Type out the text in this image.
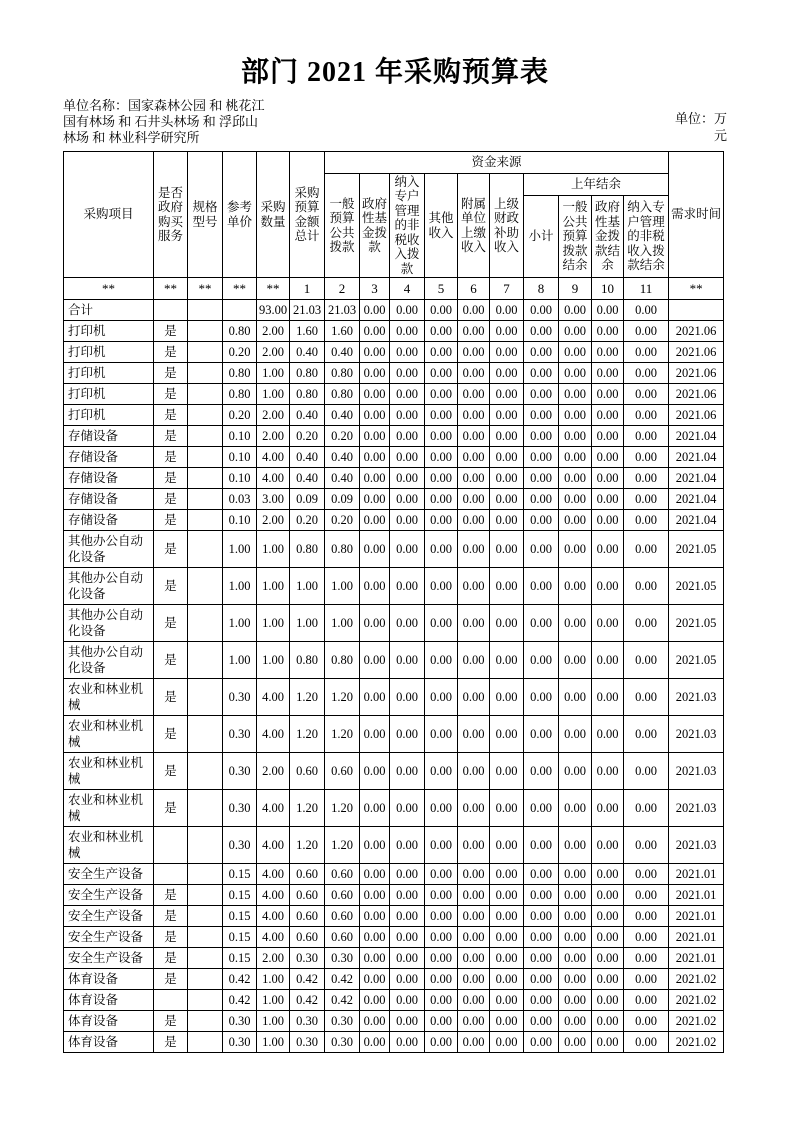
部门 2021 年采购预算表
单位名称：国家森林公园 和 桃花江国有林场 和 石井头林场 和 浮邱山林场 和 林业科学研究所
单位：万元
采购项目	是否政府购买服务	规格型号	参考单价	采购数量	采购预算金额总计	资金来源										需求时间
						一般预算公共拨款	政府性基金拨款	纳入专户管理的非税收入拨款	其他收入	附属单位上缴收入	上级财政补助收入	上年结余				
												小计	一般公共预算拨款结余	政府性基金拨款结余	纳入专户管理的非税收入拨款结余	
**	**	**	**	**	1	2	3	4	5	6	7	8	9	10	11	**
合计				93.00	21.03	21.03	0.00	0.00	0.00	0.00	0.00	0.00	0.00	0.00	0.00	
打印机	是		0.80	2.00	1.60	1.60	0.00	0.00	0.00	0.00	0.00	0.00	0.00	0.00	0.00	2021.06
打印机	是		0.20	2.00	0.40	0.40	0.00	0.00	0.00	0.00	0.00	0.00	0.00	0.00	0.00	2021.06
打印机	是		0.80	1.00	0.80	0.80	0.00	0.00	0.00	0.00	0.00	0.00	0.00	0.00	0.00	2021.06
打印机	是		0.80	1.00	0.80	0.80	0.00	0.00	0.00	0.00	0.00	0.00	0.00	0.00	0.00	2021.06
打印机	是		0.20	2.00	0.40	0.40	0.00	0.00	0.00	0.00	0.00	0.00	0.00	0.00	0.00	2021.06
存储设备	是		0.10	2.00	0.20	0.20	0.00	0.00	0.00	0.00	0.00	0.00	0.00	0.00	0.00	2021.04
存储设备	是		0.10	4.00	0.40	0.40	0.00	0.00	0.00	0.00	0.00	0.00	0.00	0.00	0.00	2021.04
存储设备	是		0.10	4.00	0.40	0.40	0.00	0.00	0.00	0.00	0.00	0.00	0.00	0.00	0.00	2021.04
存储设备	是		0.03	3.00	0.09	0.09	0.00	0.00	0.00	0.00	0.00	0.00	0.00	0.00	0.00	2021.04
存储设备	是		0.10	2.00	0.20	0.20	0.00	0.00	0.00	0.00	0.00	0.00	0.00	0.00	0.00	2021.04
其他办公自动化设备	是		1.00	1.00	0.80	0.80	0.00	0.00	0.00	0.00	0.00	0.00	0.00	0.00	0.00	2021.05
其他办公自动化设备	是		1.00	1.00	1.00	1.00	0.00	0.00	0.00	0.00	0.00	0.00	0.00	0.00	0.00	2021.05
其他办公自动化设备	是		1.00	1.00	1.00	1.00	0.00	0.00	0.00	0.00	0.00	0.00	0.00	0.00	0.00	2021.05
其他办公自动化设备	是		1.00	1.00	0.80	0.80	0.00	0.00	0.00	0.00	0.00	0.00	0.00	0.00	0.00	2021.05
农业和林业机械	是		0.30	4.00	1.20	1.20	0.00	0.00	0.00	0.00	0.00	0.00	0.00	0.00	0.00	2021.03
农业和林业机械	是		0.30	4.00	1.20	1.20	0.00	0.00	0.00	0.00	0.00	0.00	0.00	0.00	0.00	2021.03
农业和林业机械	是		0.30	2.00	0.60	0.60	0.00	0.00	0.00	0.00	0.00	0.00	0.00	0.00	0.00	2021.03
农业和林业机械	是		0.30	4.00	1.20	1.20	0.00	0.00	0.00	0.00	0.00	0.00	0.00	0.00	0.00	2021.03
农业和林业机械			0.30	4.00	1.20	1.20	0.00	0.00	0.00	0.00	0.00	0.00	0.00	0.00	0.00	2021.03
安全生产设备			0.15	4.00	0.60	0.60	0.00	0.00	0.00	0.00	0.00	0.00	0.00	0.00	0.00	2021.01
安全生产设备	是		0.15	4.00	0.60	0.60	0.00	0.00	0.00	0.00	0.00	0.00	0.00	0.00	0.00	2021.01
安全生产设备	是		0.15	4.00	0.60	0.60	0.00	0.00	0.00	0.00	0.00	0.00	0.00	0.00	0.00	2021.01
安全生产设备	是		0.15	4.00	0.60	0.60	0.00	0.00	0.00	0.00	0.00	0.00	0.00	0.00	0.00	2021.01
安全生产设备	是		0.15	2.00	0.30	0.30	0.00	0.00	0.00	0.00	0.00	0.00	0.00	0.00	0.00	2021.01
体育设备	是		0.42	1.00	0.42	0.42	0.00	0.00	0.00	0.00	0.00	0.00	0.00	0.00	0.00	2021.02
体育设备			0.42	1.00	0.42	0.42	0.00	0.00	0.00	0.00	0.00	0.00	0.00	0.00	0.00	2021.02
体育设备	是		0.30	1.00	0.30	0.30	0.00	0.00	0.00	0.00	0.00	0.00	0.00	0.00	0.00	2021.02
体育设备	是		0.30	1.00	0.30	0.30	0.00	0.00	0.00	0.00	0.00	0.00	0.00	0.00	0.00	2021.02
